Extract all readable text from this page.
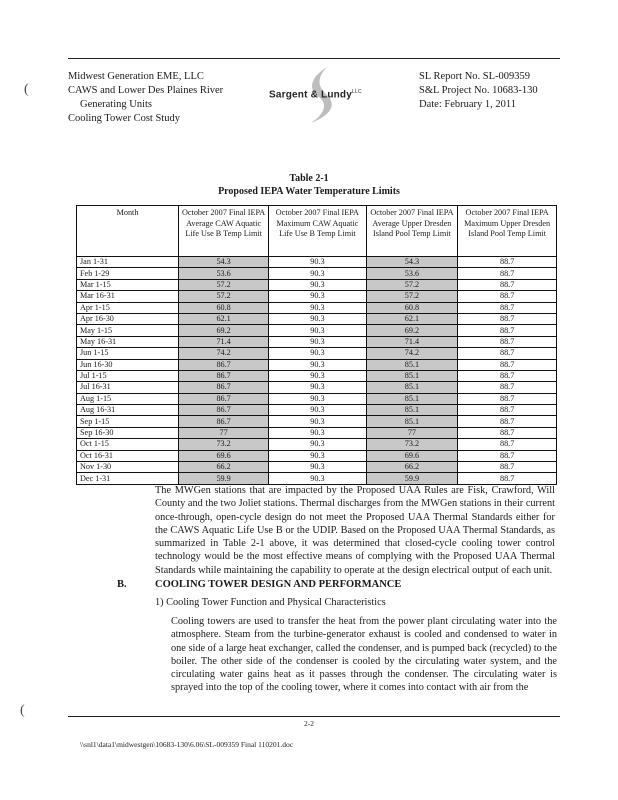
(
Midwest Generation EME, LLC
CAWS and Lower Des Plaines River
Generating Units
Cooling Tower Cost Study
Sargent & Lundy$^{LLC}$
SL Report No. SL-009359
S&L Project No. 10683-130
Date: February 1, 2011
Table 2-1
Proposed IEPA Water Temperature Limits
Month	October 2007 Final IEPA Average CAW Aquatic Life Use B Temp Limit	October 2007 Final IEPA Maximum CAW Aquatic Life Use B Temp Limit	October 2007 Final IEPA Average Upper Dresden Island Pool Temp Limit	October 2007 Final IEPA Maximum Upper Dresden Island Pool Temp Limit
Jan 1-31	54.3	90.3	54.3	88.7
Feb 1-29	53.6	90.3	53.6	88.7
Mar 1-15	57.2	90.3	57.2	88.7
Mar 16-31	57.2	90.3	57.2	88.7
Apr 1-15	60.8	90.3	60.8	88.7
Apr 16-30	62.1	90.3	62.1	88.7
May 1-15	69.2	90.3	69.2	88.7
May 16-31	71.4	90.3	71.4	88.7
Jun 1-15	74.2	90.3	74.2	88.7
Jun 16-30	86.7	90.3	85.1	88.7
Jul 1-15	86.7	90.3	85.1	88.7
Jul 16-31	86.7	90.3	85.1	88.7
Aug 1-15	86.7	90.3	85.1	88.7
Aug 16-31	86.7	90.3	85.1	88.7
Sep 1-15	86.7	90.3	85.1	88.7
Sep 16-30	77	90.3	77	88.7
Oct 1-15	73.2	90.3	73.2	88.7
Oct 16-31	69.6	90.3	69.6	88.7
Nov 1-30	66.2	90.3	66.2	88.7
Dec 1-31	59.9	90.3	59.9	88.7
The MWGen stations that are impacted by the Proposed UAA Rules are Fisk, Crawford, Will County and the two Joliet stations. Thermal discharges from the MWGen stations in their current once-through, open-cycle design do not meet the Proposed UAA Thermal Standards either for the CAWS Aquatic Life Use B or the UDIP. Based on the Proposed UAA Thermal Standards, as summarized in Table 2-1 above, it was determined that closed-cycle cooling tower control technology would be the most effective means of complying with the Proposed UAA Thermal Standards while maintaining the capability to operate at the design electrical output of each unit.
B.	COOLING TOWER DESIGN AND PERFORMANCE
1) Cooling Tower Function and Physical Characteristics
Cooling towers are used to transfer the heat from the power plant circulating water into the atmosphere. Steam from the turbine-generator exhaust is cooled and condensed to water in one side of a large heat exchanger, called the condenser, and is pumped back (recycled) to the boiler. The other side of the condenser is cooled by the circulating water system, and the circulating water gains heat as it passes through the condenser. The circulating water is sprayed into the top of the cooling tower, where it comes into contact with air from the
(
2-2
\\snl1\data1\midwestgen\10683-130\6.06\SL-009359 Final 110201.doc
